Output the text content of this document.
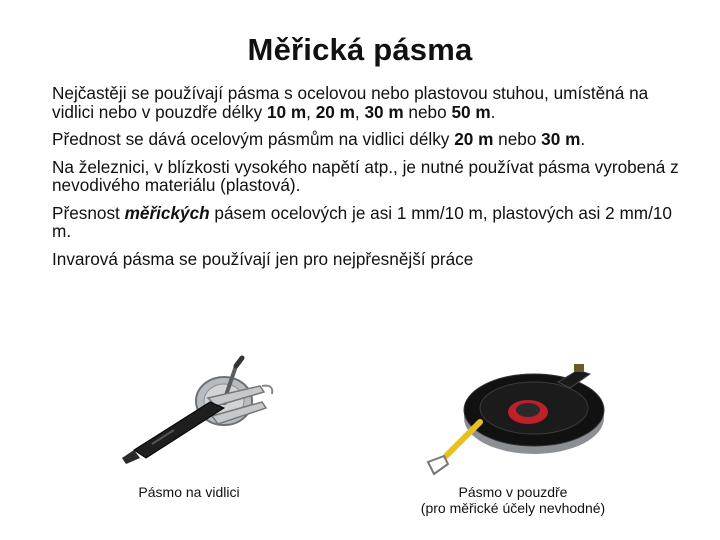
Měřická pásma

Nejčastěji se používají pásma s ocelovou nebo plastovou stuhou, umístěná na vidlici nebo v pouzdře délky 10 m, 20 m, 30 m nebo 50 m.

Přednost se dává ocelovým pásmům na vidlici délky 20 m nebo 30 m.

Na železnici, v blízkosti vysokého napětí atp., je nutné používat pásma vyrobená z nevodivého materiálu (plastová).

Přesnost měřických pásem ocelových je asi 1 mm/10 m, plastových asi 2 mm/10 m.

Invarová pásma se používají jen pro nejpřesnější práce

Pásmo na vidlici	Pásmo v pouzdře
(pro měřické účely nevhodné)
